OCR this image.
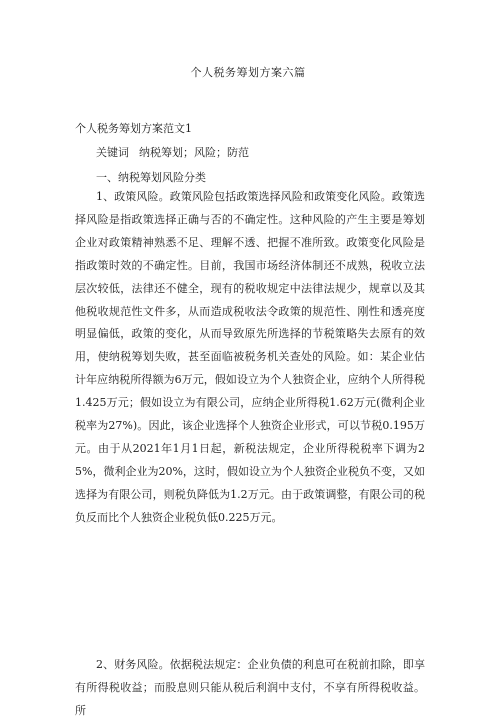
个人税务筹划方案六篇
个人税务筹划方案范文1
关键词 纳税筹划；风险；防范
一、纳税筹划风险分类

1、政策风险。政策风险包括政策选择风险和政策变化风险。政策选择风险是指政策选择正确与否的不确定性。这种风险的产生主要是筹划企业对政策精神熟悉不足、理解不透、把握不准所致。政策变化风险是指政策时效的不确定性。目前，我国市场经济体制还不成熟，税收立法层次较低，法律还不健全，现有的税收规定中法律法规少，规章以及其他税收规范性文件多，从而造成税收法令政策的规范性、刚性和透亮度明显偏低，政策的变化，从而导致原先所选择的节税策略失去原有的效用，使纳税筹划失败，甚至面临被税务机关查处的风险。如：某企业估计年应纳税所得额为6万元，假如设立为个人独资企业，应纳个人所得税1.425万元；假如设立为有限公司，应纳企业所得税1.62万元(微利企业税率为27%)。因此，该企业选择个人独资企业形式，可以节税0.195万元。由于从2021年1月1日起，新税法规定，企业所得税税率下调为25%，微利企业为20%，这时，假如设立为个人独资企业税负不变，又如选择为有限公司，则税负降低为1.2万元。由于政策调整，有限公司的税负反而比个人独资企业税负低0.225万元。

2、财务风险。依据税法规定：企业负债的利息可在税前扣除，即享有所得税收益；而股息则只能从税后利润中支付，不享有所得税收益。所
